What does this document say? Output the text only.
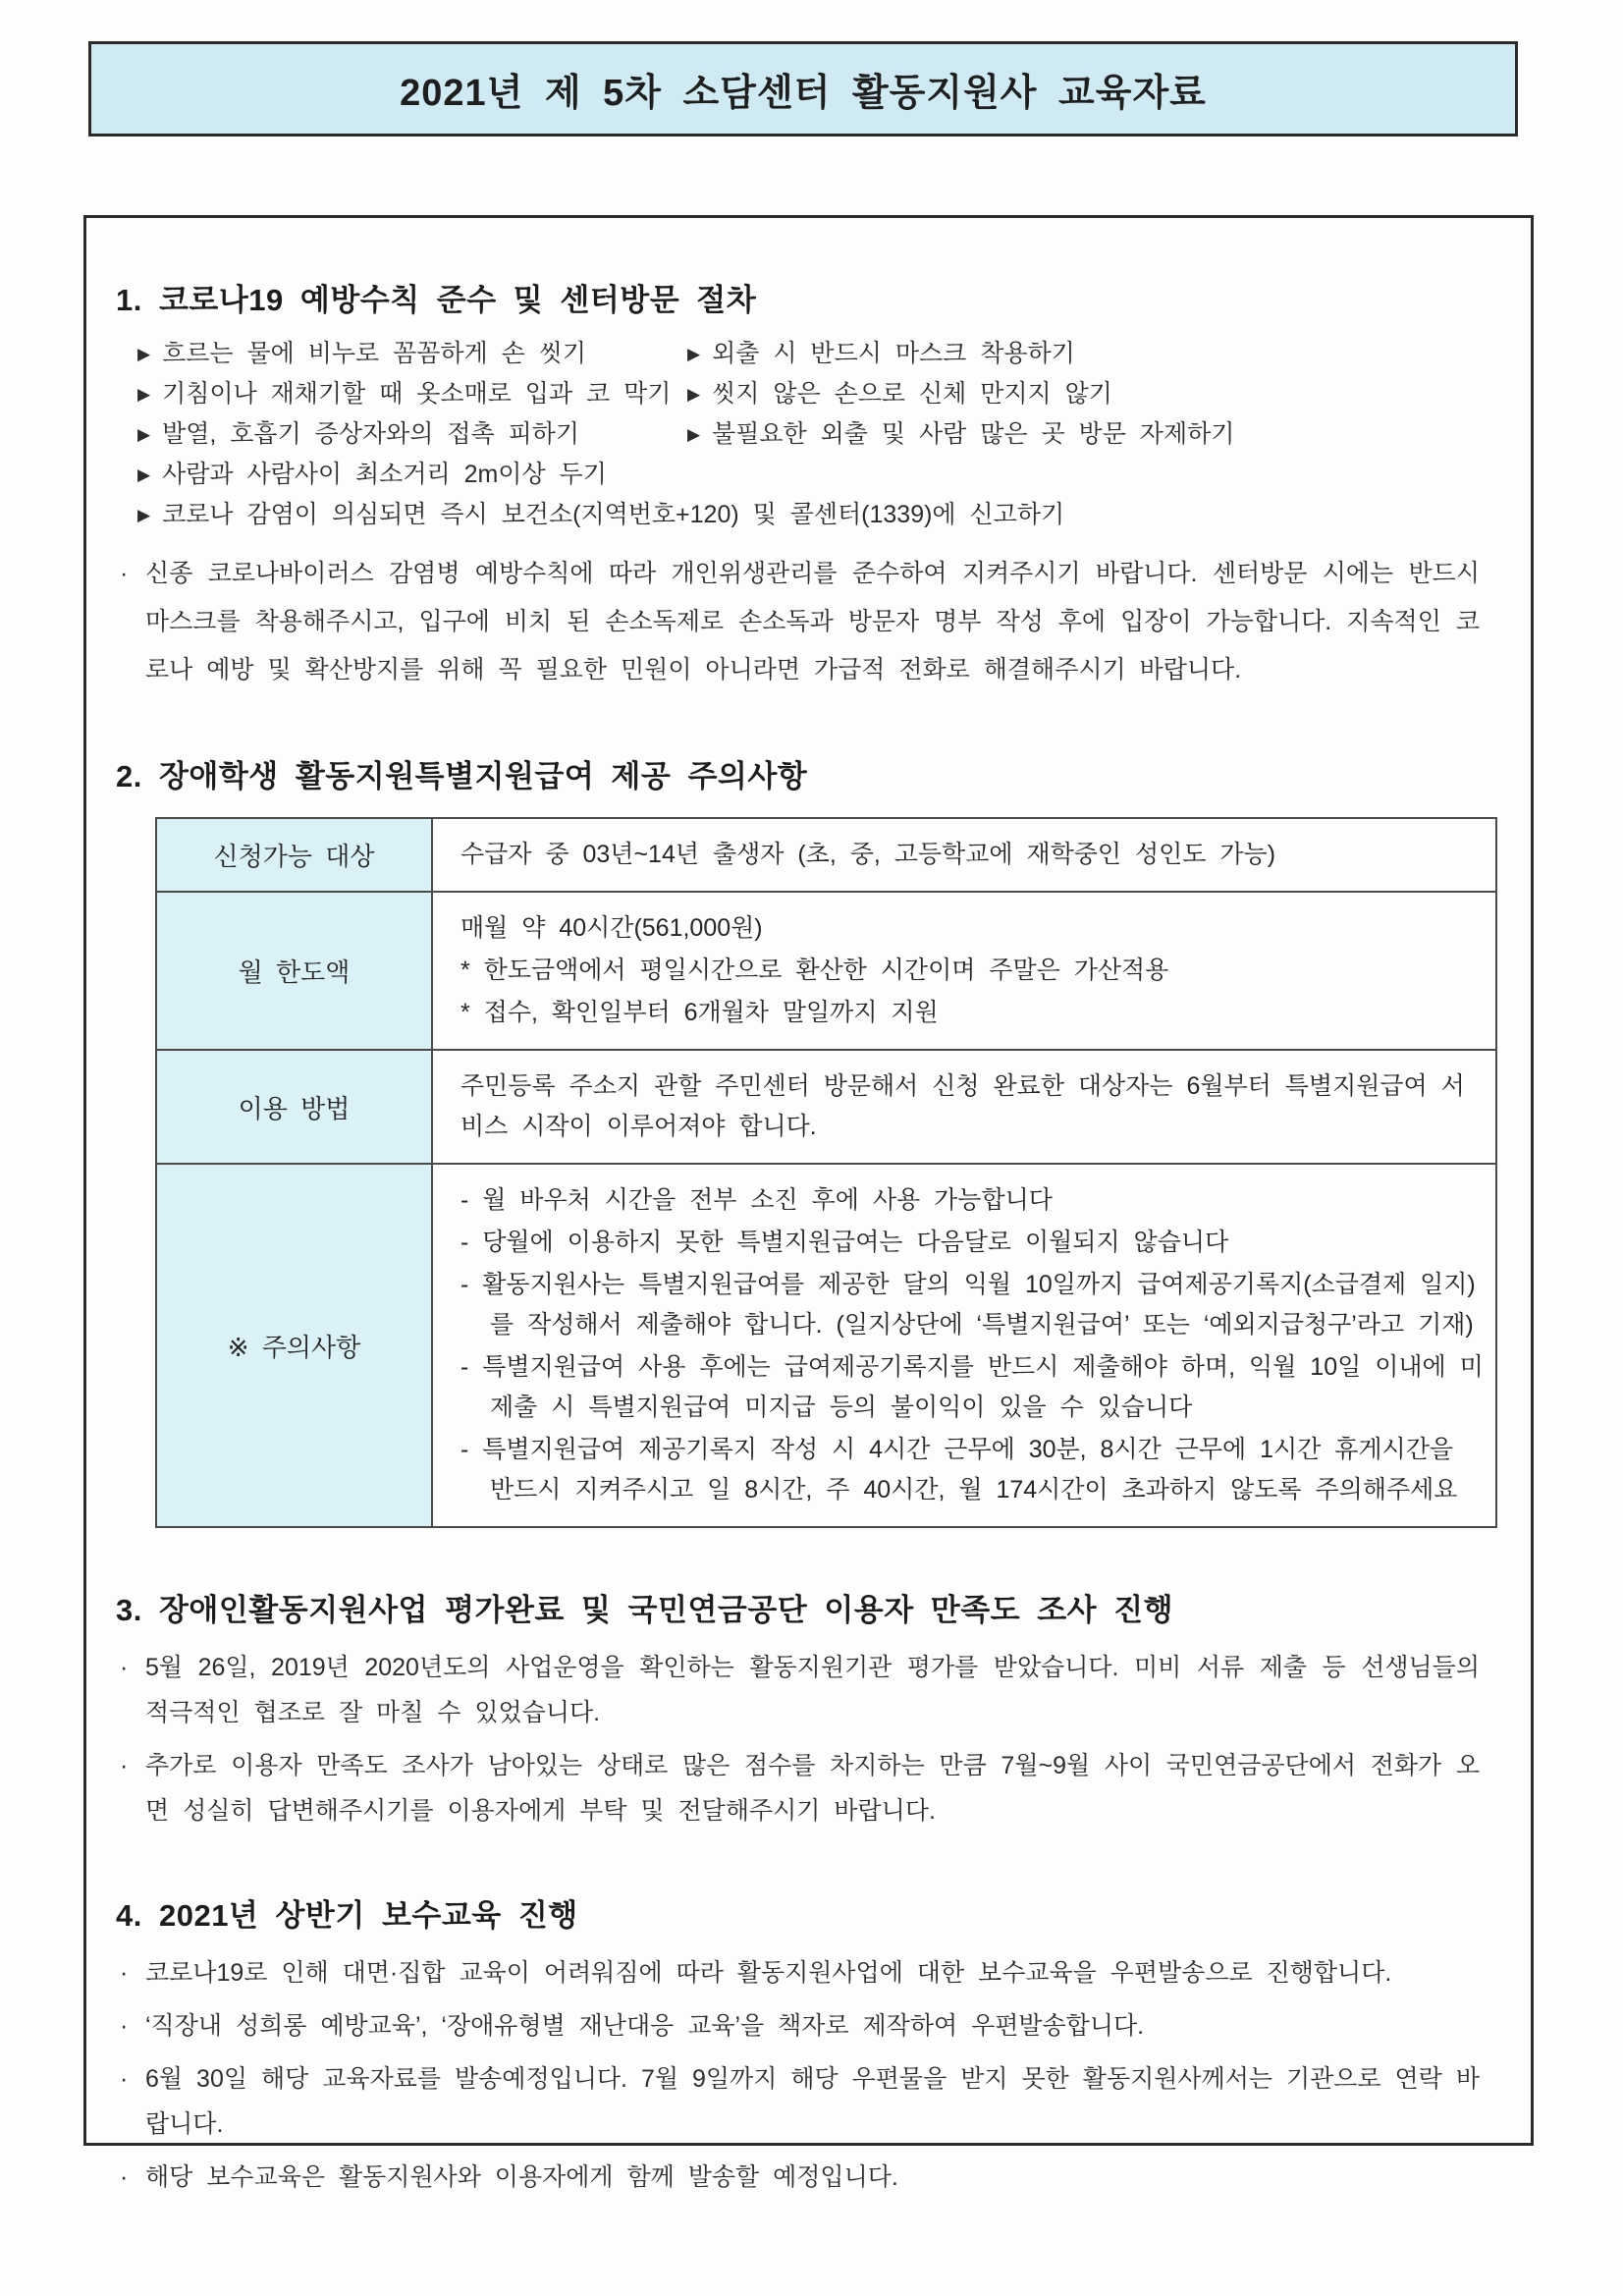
2021년 제 5차 소담센터 활동지원사 교육자료
1. 코로나19 예방수칙 준수 및 센터방문 절차
▶ 흐르는 물에 비누로 꼼꼼하게 손 씻기	▶ 외출 시 반드시 마스크 착용하기
▶ 기침이나 재채기할 때 옷소매로 입과 코 막기 ▶ 씻지 않은 손으로 신체 만지지 않기
▶ 발열, 호흡기 증상자와의 접촉 피하기	▶ 불필요한 외출 및 사람 많은 곳 방문 자제하기
▶ 사람과 사람사이 최소거리 2m이상 두기
▶ 코로나 감염이 의심되면 즉시 보건소(지역번호+120) 및 콜센터(1339)에 신고하기
· 신종 코로나바이러스 감염병 예방수칙에 따라 개인위생관리를 준수하여 지켜주시기 바랍니다. 센터방문 시에는 반드시 마스크를 착용해주시고, 입구에 비치 된 손소독제로 손소독과 방문자 명부 작성 후에 입장이 가능합니다. 지속적인 코로나 예방 및 확산방지를 위해 꼭 필요한 민원이 아니라면 가급적 전화로 해결해주시기 바랍니다.
2. 장애학생 활동지원특별지원급여 제공 주의사항
신청가능 대상	수급자 중 03년~14년 출생자 (초, 중, 고등학교에 재학중인 성인도 가능)

월 한도액	매월 약 40시간(561,000원)
* 한도금액에서 평일시간으로 환산한 시간이며 주말은 가산적용
* 접수, 확인일부터 6개월차 말일까지 지원

이용 방법	주민등록 주소지 관할 주민센터 방문해서 신청 완료한 대상자는 6월부터 특별지원급여 서비스 시작이 이루어져야 합니다.

※ 주의사항	- 월 바우처 시간을 전부 소진 후에 사용 가능합니다
- 당월에 이용하지 못한 특별지원급여는 다음달로 이월되지 않습니다
- 활동지원사는 특별지원급여를 제공한 달의 익월 10일까지 급여제공기록지(소급결제 일지)를 작성해서 제출해야 합니다. (일지상단에 ‘특별지원급여’ 또는 ‘예외지급청구’라고 기재)
- 특별지원급여 사용 후에는 급여제공기록지를 반드시 제출해야 하며, 익월 10일 이내에 미제출 시 특별지원급여 미지급 등의 불이익이 있을 수 있습니다
- 특별지원급여 제공기록지 작성 시 4시간 근무에 30분, 8시간 근무에 1시간 휴게시간을 반드시 지켜주시고 일 8시간, 주 40시간, 월 174시간이 초과하지 않도록 주의해주세요
3. 장애인활동지원사업 평가완료 및 국민연금공단 이용자 만족도 조사 진행
· 5월 26일, 2019년 2020년도의 사업운영을 확인하는 활동지원기관 평가를 받았습니다. 미비 서류 제출 등 선생님들의 적극적인 협조로 잘 마칠 수 있었습니다.
· 추가로 이용자 만족도 조사가 남아있는 상태로 많은 점수를 차지하는 만큼 7월~9월 사이 국민연금공단에서 전화가 오면 성실히 답변해주시기를 이용자에게 부탁 및 전달해주시기 바랍니다.
4. 2021년 상반기 보수교육 진행
· 코로나19로 인해 대면·집합 교육이 어려워짐에 따라 활동지원사업에 대한 보수교육을 우편발송으로 진행합니다.
· ‘직장내 성희롱 예방교육’, ‘장애유형별 재난대응 교육’을 책자로 제작하여 우편발송합니다.
· 6월 30일 해당 교육자료를 발송예정입니다. 7월 9일까지 해당 우편물을 받지 못한 활동지원사께서는 기관으로 연락 바랍니다.
· 해당 보수교육은 활동지원사와 이용자에게 함께 발송할 예정입니다.
